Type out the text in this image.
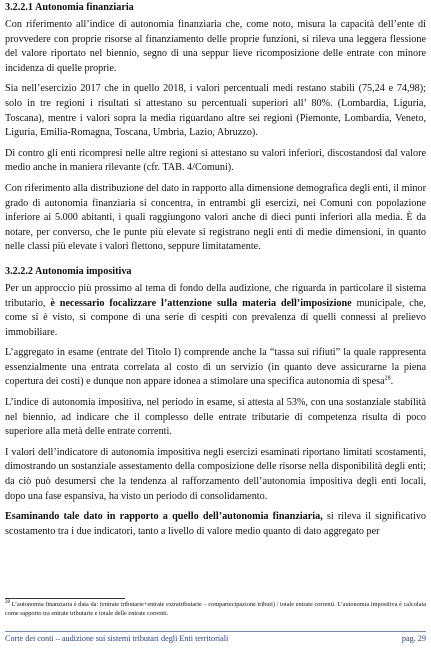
3.2.2.1 Autonomia finanziaria

Con riferimento all’indice di autonomia finanziaria che, come noto, misura la capacità dell’ente di provvedere con proprie risorse al finanziamento delle proprie funzioni, si rileva una leggera flessione del valore riportato nel biennio, segno di una seppur lieve ricomposizione delle entrate con minore incidenza di quelle proprie.

Sia nell’esercizio 2017 che in quello 2018, i valori percentuali medi restano stabili (75,24 e 74,98); solo in tre regioni i risultati si attestano su percentuali superiori all’ 80%. (Lombardia, Liguria, Toscana), mentre i valori sopra la media riguardano altre sei regioni (Piemonte, Lombardia, Veneto, Liguria, Emilia-Romagna, Toscana, Umbria, Lazio, Abruzzo).

Di contro gli enti ricompresi nelle altre regioni si attestano su valori inferiori, discostandosi dal valore medio anche in maniera rilevante (cfr. TAB. 4/Comuni).

Con riferimento alla distribuzione del dato in rapporto alla dimensione demografica degli enti, il minor grado di autonomia finanziaria si concentra, in entrambi gli esercizi, nei Comuni con popolazione inferiore ai 5.000 abitanti, i quali raggiungono valori anche di dieci punti inferiori alla media. È da notare, per converso, che le punte più elevate si registrano negli enti di medie dimensioni, in quanto nelle classi più elevate i valori flettono, seppure limitatamente.

3.2.2.2 Autonomia impositiva

Per un approccio più prossimo al tema di fondo della audizione, che riguarda in particolare il sistema tributario, è necessario focalizzare l’attenzione sulla materia dell’imposizione municipale, che, come si è visto, si compone di una serie di cespiti con prevalenza di quelli connessi al prelievo immobiliare.

L’aggregato in esame (entrate del Titolo I) comprende anche la “tassa sui rifiuti” la quale rappresenta essenzialmente una entrata correlata al costo di un servizio (in quanto deve assicurarne la piena copertura dei costi) e dunque non appare idonea a stimolare una specifica autonomia di spesa$^{28}$.

L’indice di autonomia impositiva, nel periodo in esame, si attesta al 53%, con una sostanziale stabilità nel biennio, ad indicare che il complesso delle entrate tributarie di competenza risulta di poco superiore alla metà delle entrate correnti.

I valori dell’indicatore di autonomia impositiva negli esercizi esaminati riportano limitati scostamenti, dimostrando un sostanziale assestamento della composizione delle risorse nella disponibilità degli enti; da ciò può desumersi che la tendenza al rafforzamento dell’autonomia impositiva degli enti locali, dopo una fase espansiva, ha visto un periodo di consolidamento.

Esaminando tale dato in rapporto a quello dell’autonomia finanziaria, si rileva il significativo scostamento tra i due indicatori, tanto a livello di valore medio quanto di dato aggregato per

$^{28}$ L’autonomia finanziaria è data da: (entrate tributarie+entrate extratributarie – compartecipazione tributi) / totale entrate correnti. L’autonomia impositiva è calcolata come rapporto tra entrate tributarie e totale delle entrate correnti.
Corte dei conti – audizione sui sistemi tributari degli Enti territoriali	pag. 29
